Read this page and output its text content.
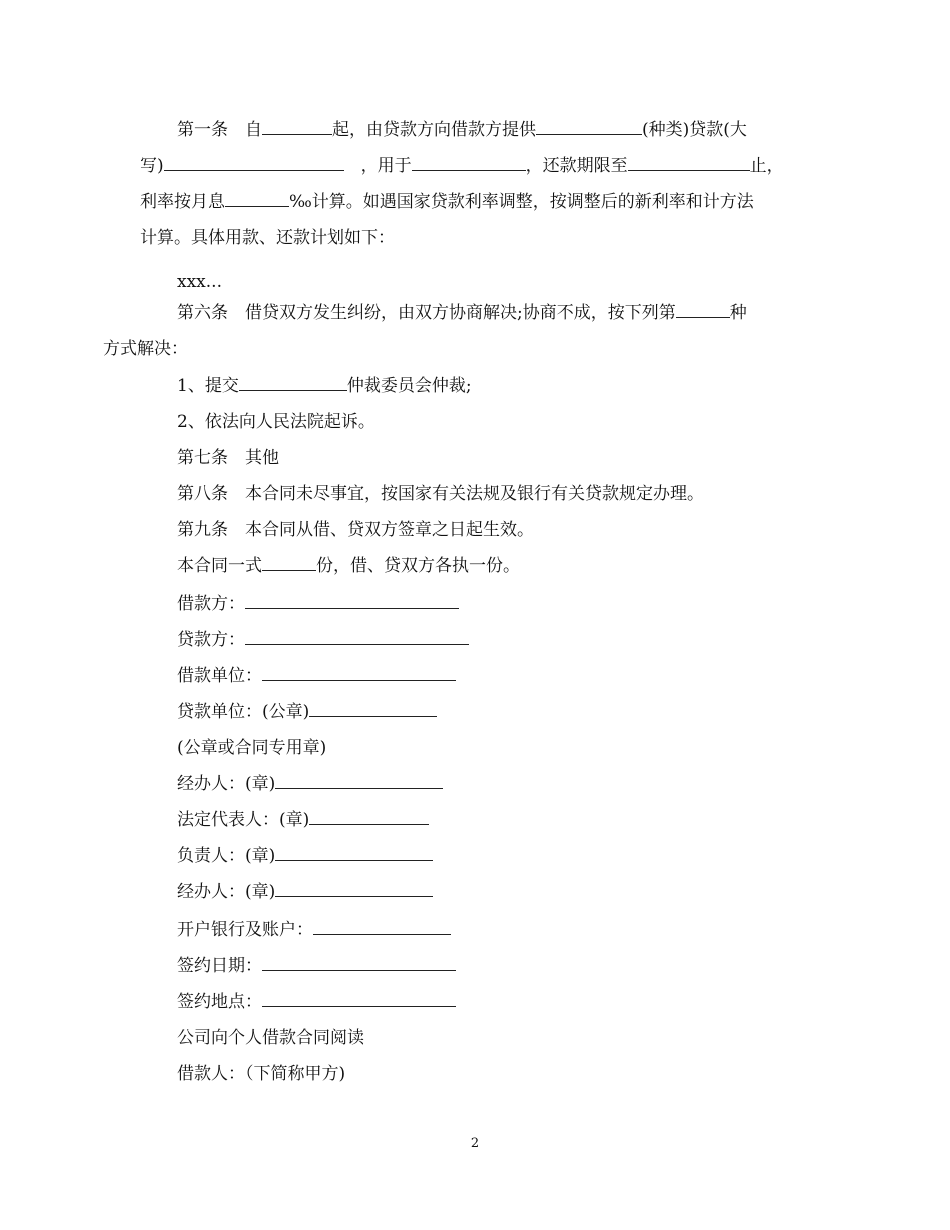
第一条　自	起，由贷款方向借款方提供	(种类)贷款(大
写)　	，用于	，还款期限至	止，
利率按月息	‰计算。如遇国家贷款利率调整，按调整后的新利率和计方法
计算。具体用款、还款计划如下：

xxx...

第六条　借贷双方发生纠纷，由双方协商解决;协商不成，按下列第	种
方式解决：

1、提交	仲裁委员会仲裁;

2、依法向人民法院起诉。

第七条　其他

第八条　本合同未尽事宜，按国家有关法规及银行有关贷款规定办理。

第九条　本合同从借、贷双方签章之日起生效。

本合同一式	份，借、贷双方各执一份。

借款方：

贷款方：

借款单位：

贷款单位：(公章)

(公章或合同专用章)

经办人：(章)

法定代表人：(章)

负责人：(章)

经办人：(章)

开户银行及账户：

签约日期：

签约地点：

公司向个人借款合同阅读

借款人：（下简称甲方)

2
